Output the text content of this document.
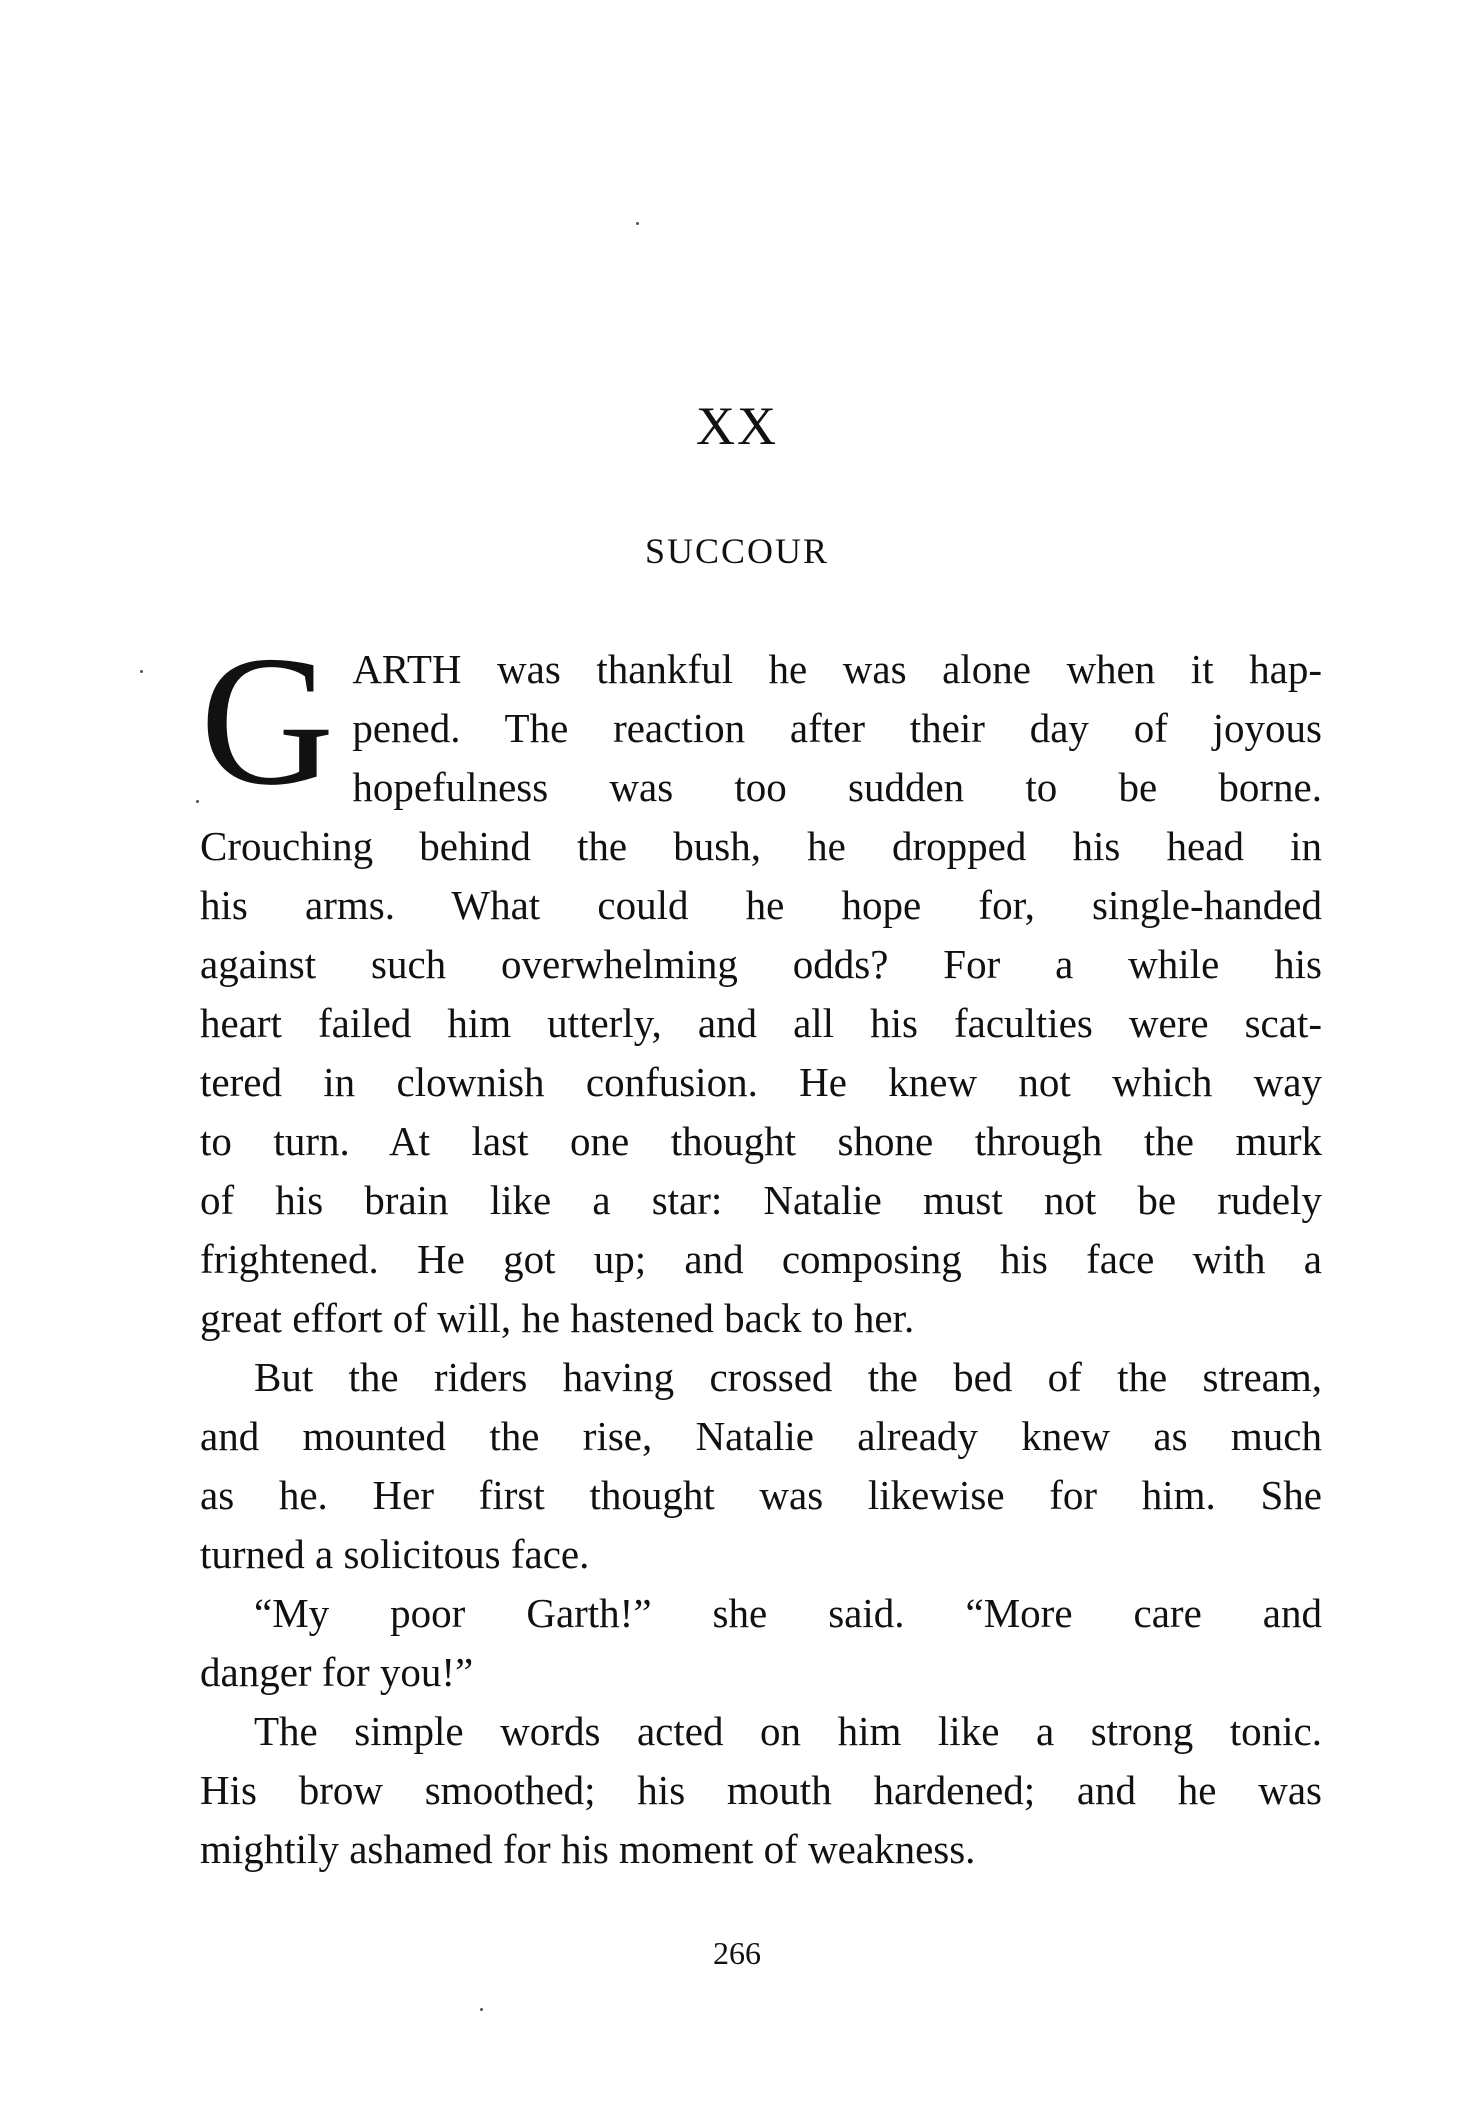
XX
SUCCOUR
G ARTH was thankful he was alone when it hap-
pened. The reaction after their day of joyous
hopefulness was too sudden to be borne.
Crouching behind the bush, he dropped his head in
his arms. What could he hope for, single-handed
against such overwhelming odds? For a while his
heart failed him utterly, and all his faculties were scat-
tered in clownish confusion. He knew not which way
to turn. At last one thought shone through the murk
of his brain like a star: Natalie must not be rudely
frightened. He got up; and composing his face with a
great effort of will, he hastened back to her.
But the riders having crossed the bed of the stream,
and mounted the rise, Natalie already knew as much
as he. Her first thought was likewise for him. She
turned a solicitous face.
“My poor Garth!” she said. “More care and
danger for you!”
The simple words acted on him like a strong tonic.
His brow smoothed; his mouth hardened; and he was
mightily ashamed for his moment of weakness.
266
